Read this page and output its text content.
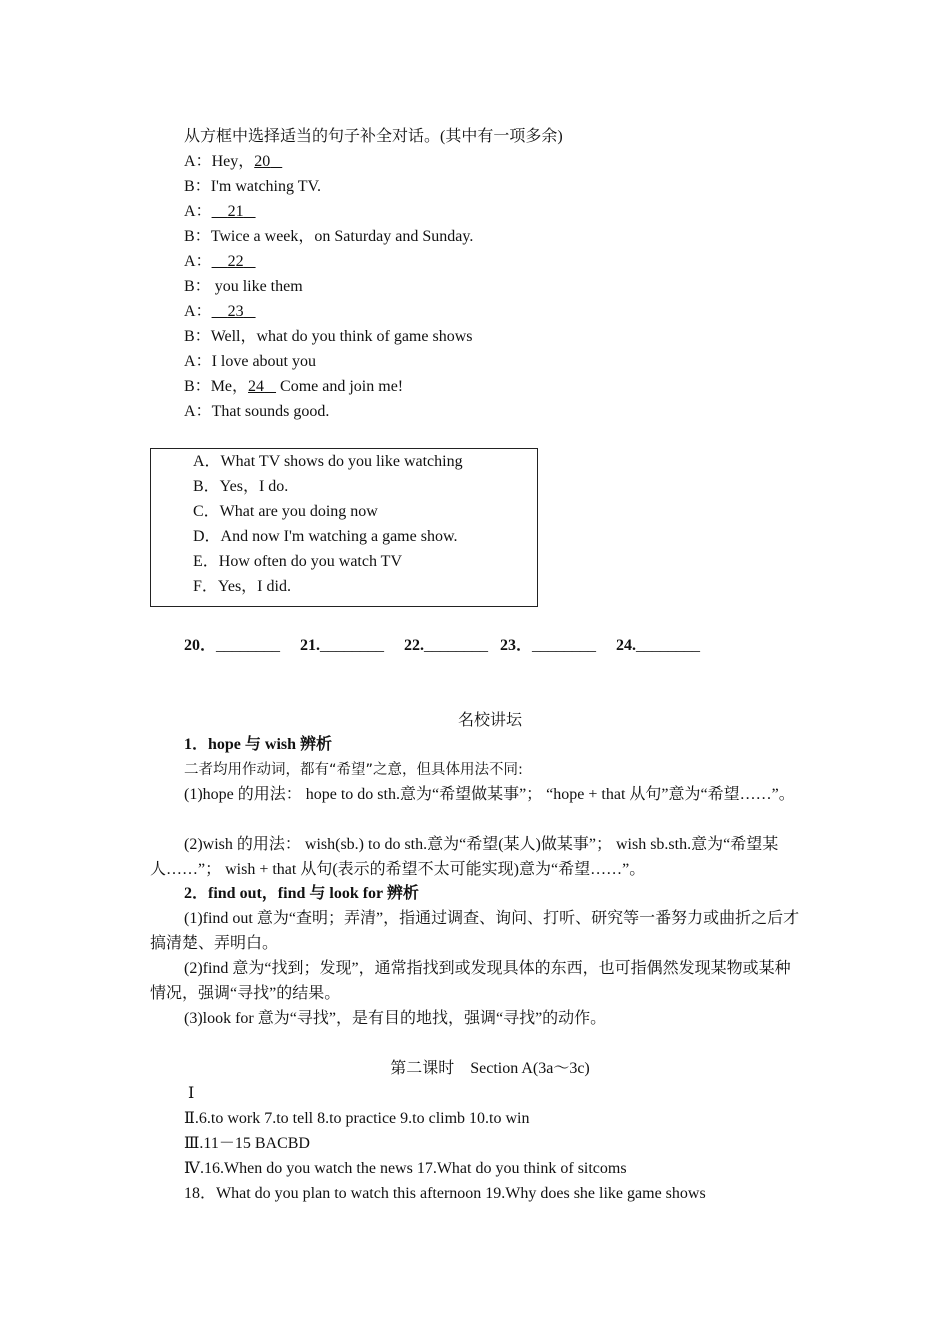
从方框中选择适当的句子补全对话。(其中有一项多余)
A：Hey，20
B：I'm watching TV.
A： 21
B：Twice a week，on Saturday and Sunday.
A： 22
B： you like them
A： 23
B：Well，what do you think of game shows
A：I love about you
B：Me，24    Come and join me!
A：That sounds good.
A．What TV shows do you like watching
B．Yes，I do.
C．What are you doing now
D．And now I'm watching a game show.
E．How often do you watch TV
F．Yes，I did.
20．________ 21.________ 22.________ 23．________ 24.________
名校讲坛
1．hope 与 wish 辨析
二者均用作动词，都有“希望”之意，但具体用法不同:
(1)hope 的用法： hope to do sth.意为“希望做某事”； “hope + that 从句”意为“希望……”。
(2)wish 的用法： wish(sb.) to do sth.意为“希望(某人)做某事”； wish sb.sth.意为“希望某人……”； wish + that 从句(表示的希望不太可能实现)意为“希望……”。
2．find out，find 与 look for 辨析
(1)find out 意为“查明；弄清”，指通过调查、询问、打听、研究等一番努力或曲折之后才搞清楚、弄明白。
(2)find 意为“找到；发现”，通常指找到或发现具体的东西，也可指偶然发现某物或某种情况，强调“寻找”的结果。
(3)look for 意为“寻找”，是有目的地找，强调“寻找”的动作。
第二课时　Section A(3a～3c)
Ⅰ
Ⅱ.6.to work 7.to tell 8.to practice 9.to climb 10.to win
Ⅲ.11－15 BACBD
Ⅳ.16.When do you watch the news 17.What do you think of sitcoms
18．What do you plan to watch this afternoon 19.Why does she like game shows
